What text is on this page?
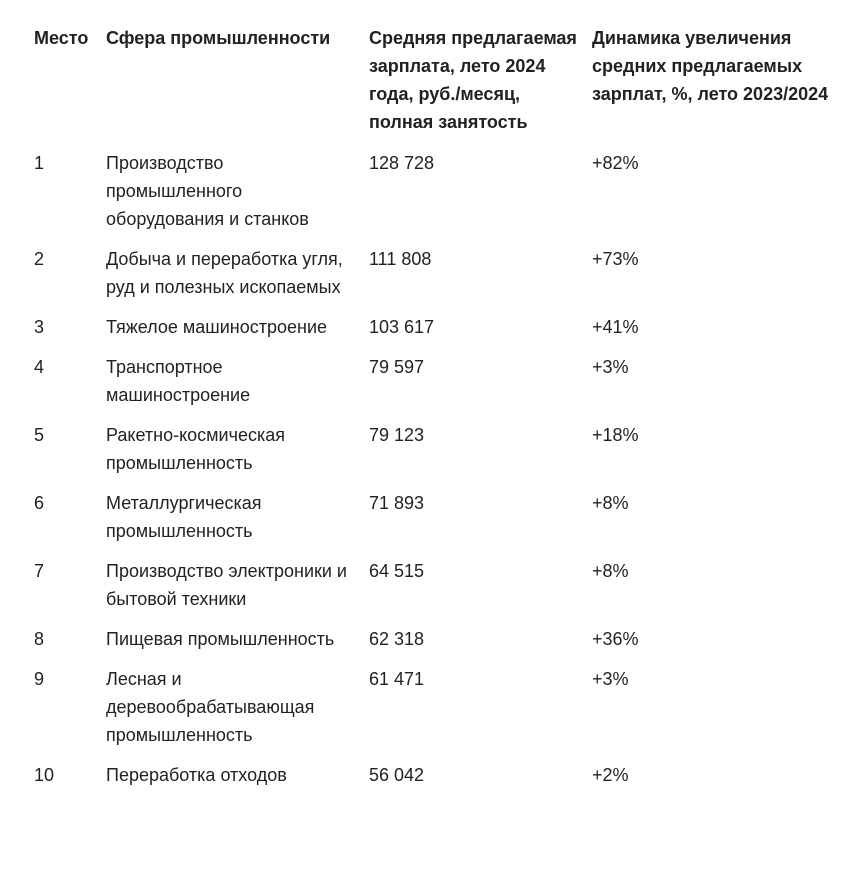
Место	Сфера промышленности	Средняя предлагаемая зарплата, лето 2024 года, руб./месяц, полная занятость	Динамика увеличения средних предлагаемых зарплат, %, лето 2023/2024
1	Производство промышленного оборудования и станков	128 728	+82%
2	Добыча и переработка угля, руд и полезных ископаемых	111 808	+73%
3	Тяжелое машиностроение	103 617	+41%
4	Транспортное машиностроение	79 597	+3%
5	Ракетно-космическая промышленность	79 123	+18%
6	Металлургическая промышленность	71 893	+8%
7	Производство электроники и бытовой техники	64 515	+8%
8	Пищевая промышленность	62 318	+36%
9	Лесная и деревообрабатывающая промышленность	61 471	+3%
10	Переработка отходов	56 042	+2%
